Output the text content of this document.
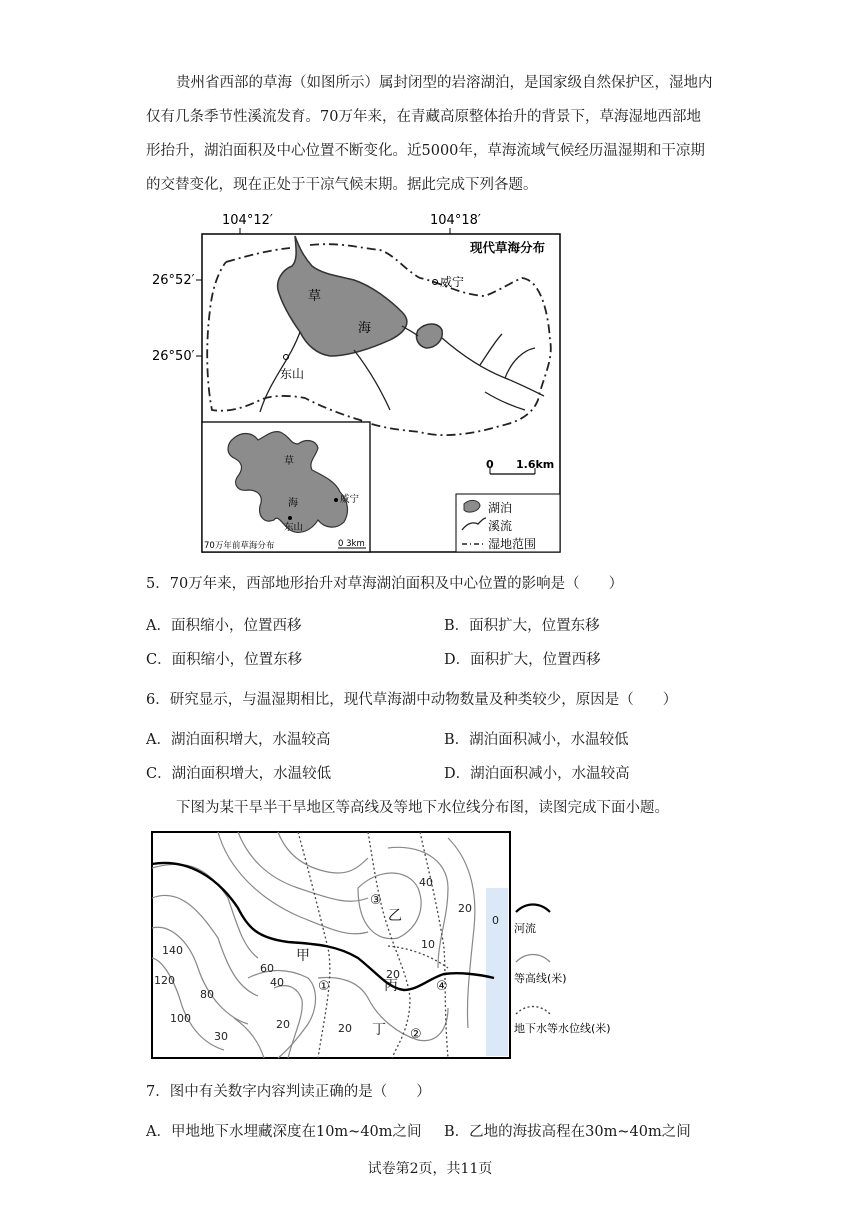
贵州省西部的草海（如图所示）属封闭型的岩溶湖泊，是国家级自然保护区，湿地内仅有几条季节性溪流发育。70万年来，在青藏高原整体抬升的背景下，草海湿地西部地形抬升，湖泊面积及中心位置不断变化。近5000年，草海流域气候经历温湿期和干凉期的交替变化，现在正处于干凉气候末期。据此完成下列各题。

104°12′	104°18′
26°52′
26°50′
现代草海分布
草
海
威宁
东山
0 1.6km
湖泊
溪流
湿地范围
草
海	威宁
东山
70万年前草海分布	0 3km

5．70万年来，西部地形抬升对草海湖泊面积及中心位置的影响是（　　）

A．面积缩小，位置西移	B．面积扩大，位置东移

C．面积缩小，位置东移	D．面积扩大，位置西移

6．研究显示，与温湿期相比，现代草海湖中动物数量及种类较少，原因是（　　）

A．湖泊面积增大，水温较高	B．湖泊面积减小，水温较低

C．湖泊面积增大，水温较低	D．湖泊面积减小，水温较高

下图为某干旱半干旱地区等高线及等地下水位线分布图，读图完成下面小题。

140
120
100
80
60
40
30
20	20
20
40
20
10
0
甲
乙
丙
丁
③
①	④
②
河流
等高线(米)
地下水等水位线(米)

7．图中有关数字内容判读正确的是（　　）

A．甲地地下水埋藏深度在10m~40m之间 B．乙地的海拔高程在30m~40m之间

试卷第2页，共11页
